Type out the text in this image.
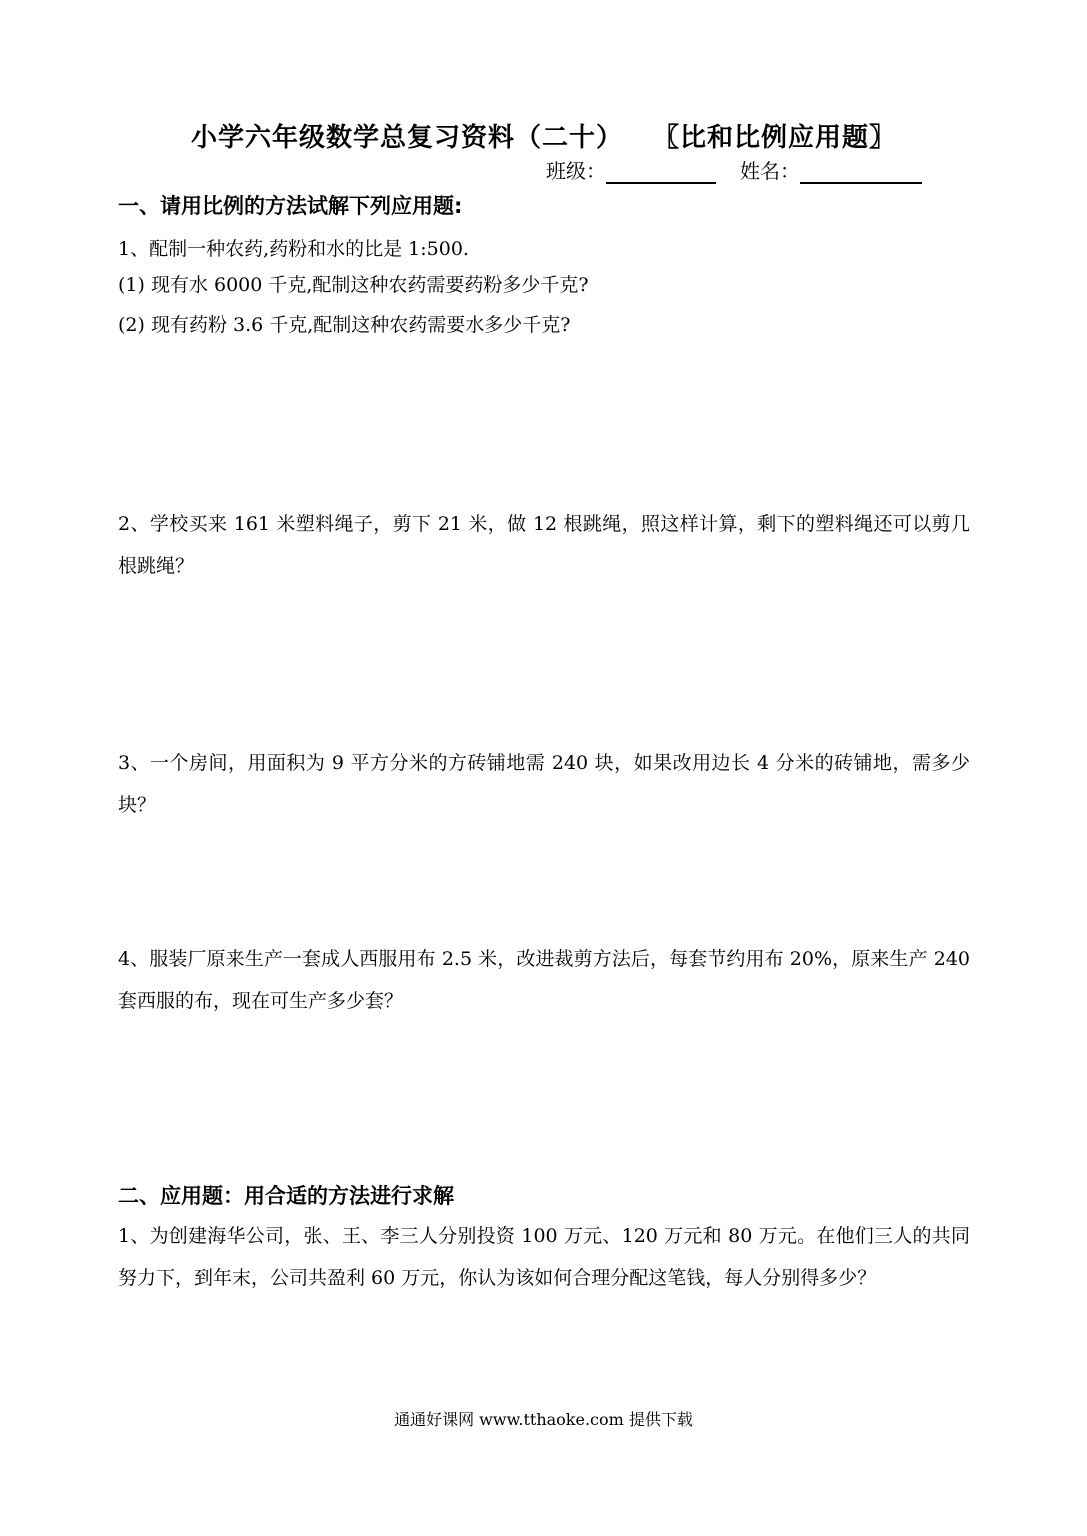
小学六年级数学总复习资料（二十） 〖比和比例应用题〗
班级：	姓名：
一、请用比例的方法试解下列应用题:
1、配制一种农药,药粉和水的比是 1:500.
(1) 现有水 6000 千克,配制这种农药需要药粉多少千克?
(2) 现有药粉 3.6 千克,配制这种农药需要水多少千克?
2、学校买来 161 米塑料绳子，剪下 21 米，做 12 根跳绳，照这样计算，剩下的塑料绳还可以剪几根跳绳？
3、一个房间，用面积为 9 平方分米的方砖铺地需 240 块，如果改用边长 4 分米的砖铺地，需多少块？
4、服装厂原来生产一套成人西服用布 2.5 米，改进裁剪方法后，每套节约用布 20%，原来生产 240 套西服的布，现在可生产多少套？
二、应用题：用合适的方法进行求解
1、为创建海华公司，张、王、李三人分别投资 100 万元、120 万元和 80 万元。在他们三人的共同努力下，到年末，公司共盈利 60 万元，你认为该如何合理分配这笔钱，每人分别得多少？
通通好课网 www.tthaoke.com 提供下载
